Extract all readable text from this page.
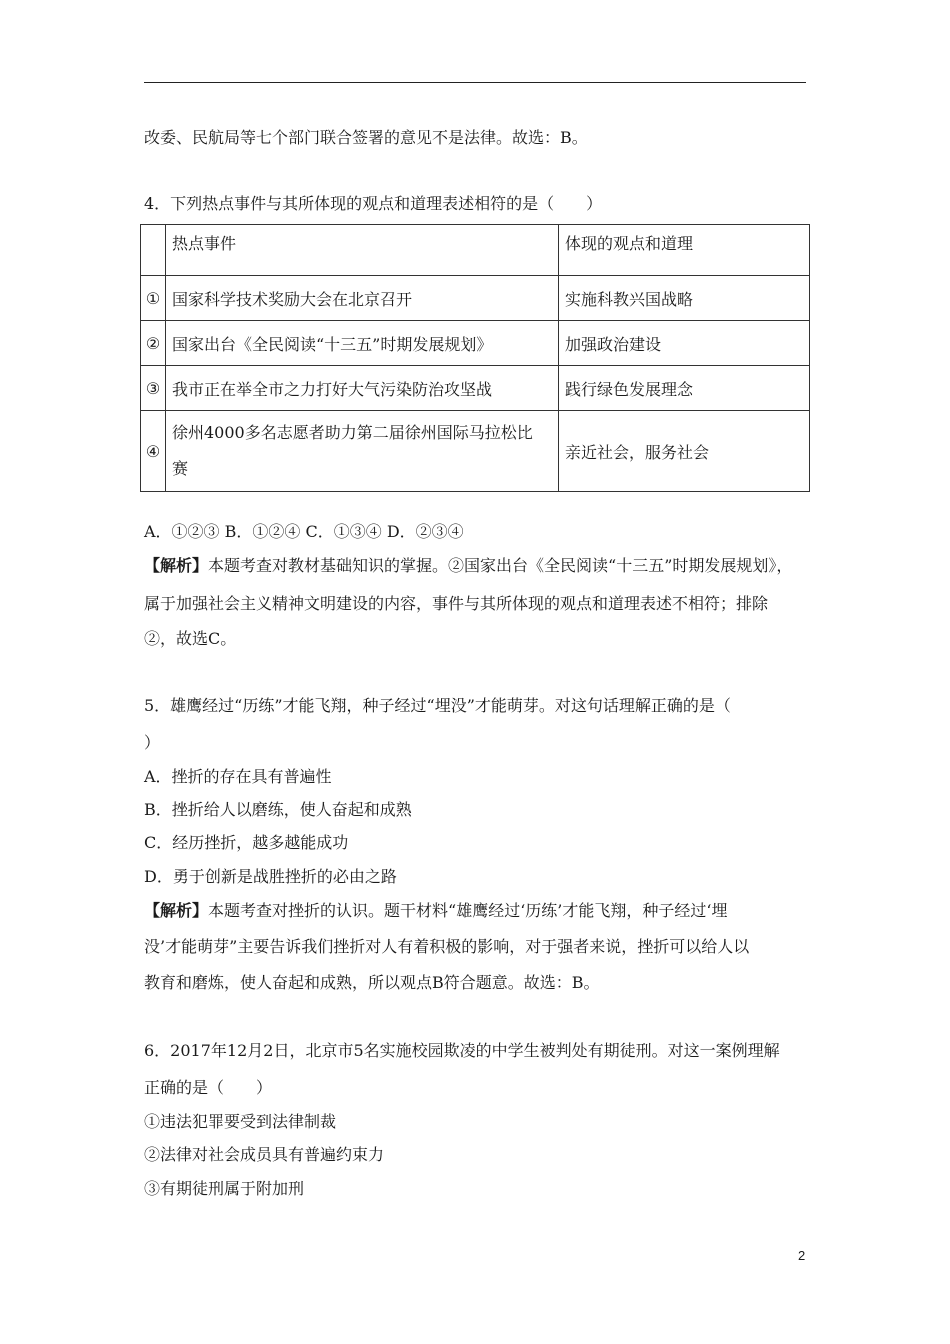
改委、民航局等七个部门联合签署的意见不是法律。故选：B。
4．下列热点事件与其所体现的观点和道理表述相符的是（　　）
	热点事件	体现的观点和道理
①	国家科学技术奖励大会在北京召开	实施科教兴国战略
②	国家出台《全民阅读“十三五”时期发展规划》	加强政治建设
③	我市正在举全市之力打好大气污染防治攻坚战	践行绿色发展理念
④	徐州4000多名志愿者助力第二届徐州国际马拉松比
赛	亲近社会，服务社会
A．①②③ B．①②④ C．①③④ D．②③④
【解析】本题考查对教材基础知识的掌握。②国家出台《全民阅读“十三五”时期发展规划》，
属于加强社会主义精神文明建设的内容，事件与其所体现的观点和道理表述不相符；排除
②，故选C。
5．雄鹰经过“历练”才能飞翔，种子经过“埋没”才能萌芽。对这句话理解正确的是（
）
A．挫折的存在具有普遍性
B．挫折给人以磨练，使人奋起和成熟
C．经历挫折，越多越能成功
D．勇于创新是战胜挫折的必由之路
【解析】本题考查对挫折的认识。题干材料“雄鹰经过‘历练’才能飞翔，种子经过‘埋
没’才能萌芽”主要告诉我们挫折对人有着积极的影响，对于强者来说，挫折可以给人以
教育和磨炼，使人奋起和成熟，所以观点B符合题意。故选：B。
6．2017年12月2日，北京市5名实施校园欺凌的中学生被判处有期徒刑。对这一案例理解
正确的是（　　）
①违法犯罪要受到法律制裁
②法律对社会成员具有普遍约束力
③有期徒刑属于附加刑
2
